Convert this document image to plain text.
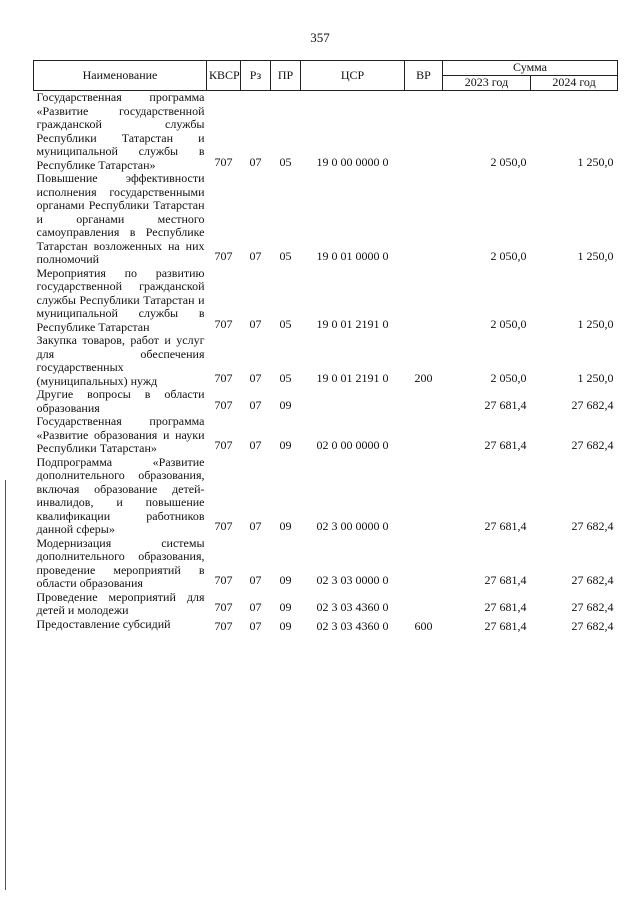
357
Наименование	КВСР	Рз	ПР	ЦСР	ВР	Сумма	
						2023 год	2024 год
Государственная программа «Развитие государственной гражданской службы Республики Татарстан и муниципальной службы в Республике Татарстан»	707	07	05	19 0 00 0000 0		2 050,0	1 250,0
Повышение эффективности исполнения государственными органами Республики Татарстан и органами местного самоуправления в Республике Татарстан возложенных на них полномочий	707	07	05	19 0 01 0000 0		2 050,0	1 250,0
Мероприятия по развитию государственной гражданской службы Республики Татарстан и муниципальной службы в Республике Татарстан	707	07	05	19 0 01 2191 0		2 050,0	1 250,0
Закупка товаров, работ и услуг для обеспечения государственных (муниципальных) нужд	707	07	05	19 0 01 2191 0	200	2 050,0	1 250,0
Другие вопросы в области образования	707	07	09			27 681,4	27 682,4
Государственная программа «Развитие образования и науки Республики Татарстан»	707	07	09	02 0 00 0000 0		27 681,4	27 682,4
Подпрограмма «Развитие дополнительного образования, включая образование детей-инвалидов, и повышение квалификации работников данной сферы»	707	07	09	02 3 00 0000 0		27 681,4	27 682,4
Модернизация системы дополнительного образования, проведение мероприятий в области образования	707	07	09	02 3 03 0000 0		27 681,4	27 682,4
Проведение мероприятий для детей и молодежи	707	07	09	02 3 03 4360 0		27 681,4	27 682,4
Предоставление субсидий	707	07	09	02 3 03 4360 0	600	27 681,4	27 682,4
